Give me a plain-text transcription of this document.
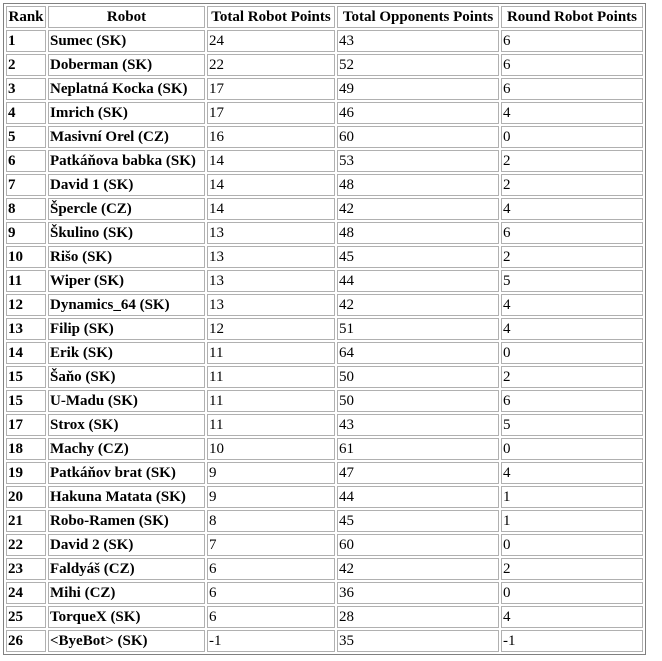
Rank	Robot	Total Robot Points	Total Opponents Points	Round Robot Points
1	Sumec (SK)	24	43	6
2	Doberman (SK)	22	52	6
3	Neplatná Kocka (SK)	17	49	6
4	Imrich (SK)	17	46	4
5	Masivní Orel (CZ)	16	60	0
6	Patkáňova babka (SK)	14	53	2
7	David 1 (SK)	14	48	2
8	Špercle (CZ)	14	42	4
9	Škulino (SK)	13	48	6
10	Rišo (SK)	13	45	2
11	Wiper (SK)	13	44	5
12	Dynamics_64 (SK)	13	42	4
13	Filip (SK)	12	51	4
14	Erik (SK)	11	64	0
15	Šaňo (SK)	11	50	2
15	U-Madu (SK)	11	50	6
17	Strox (SK)	11	43	5
18	Machy (CZ)	10	61	0
19	Patkáňov brat (SK)	9	47	4
20	Hakuna Matata (SK)	9	44	1
21	Robo-Ramen (SK)	8	45	1
22	David 2 (SK)	7	60	0
23	Faldyáš (CZ)	6	42	2
24	Mihi (CZ)	6	36	0
25	TorqueX (SK)	6	28	4
26	<ByeBot> (SK)	-1	35	-1
